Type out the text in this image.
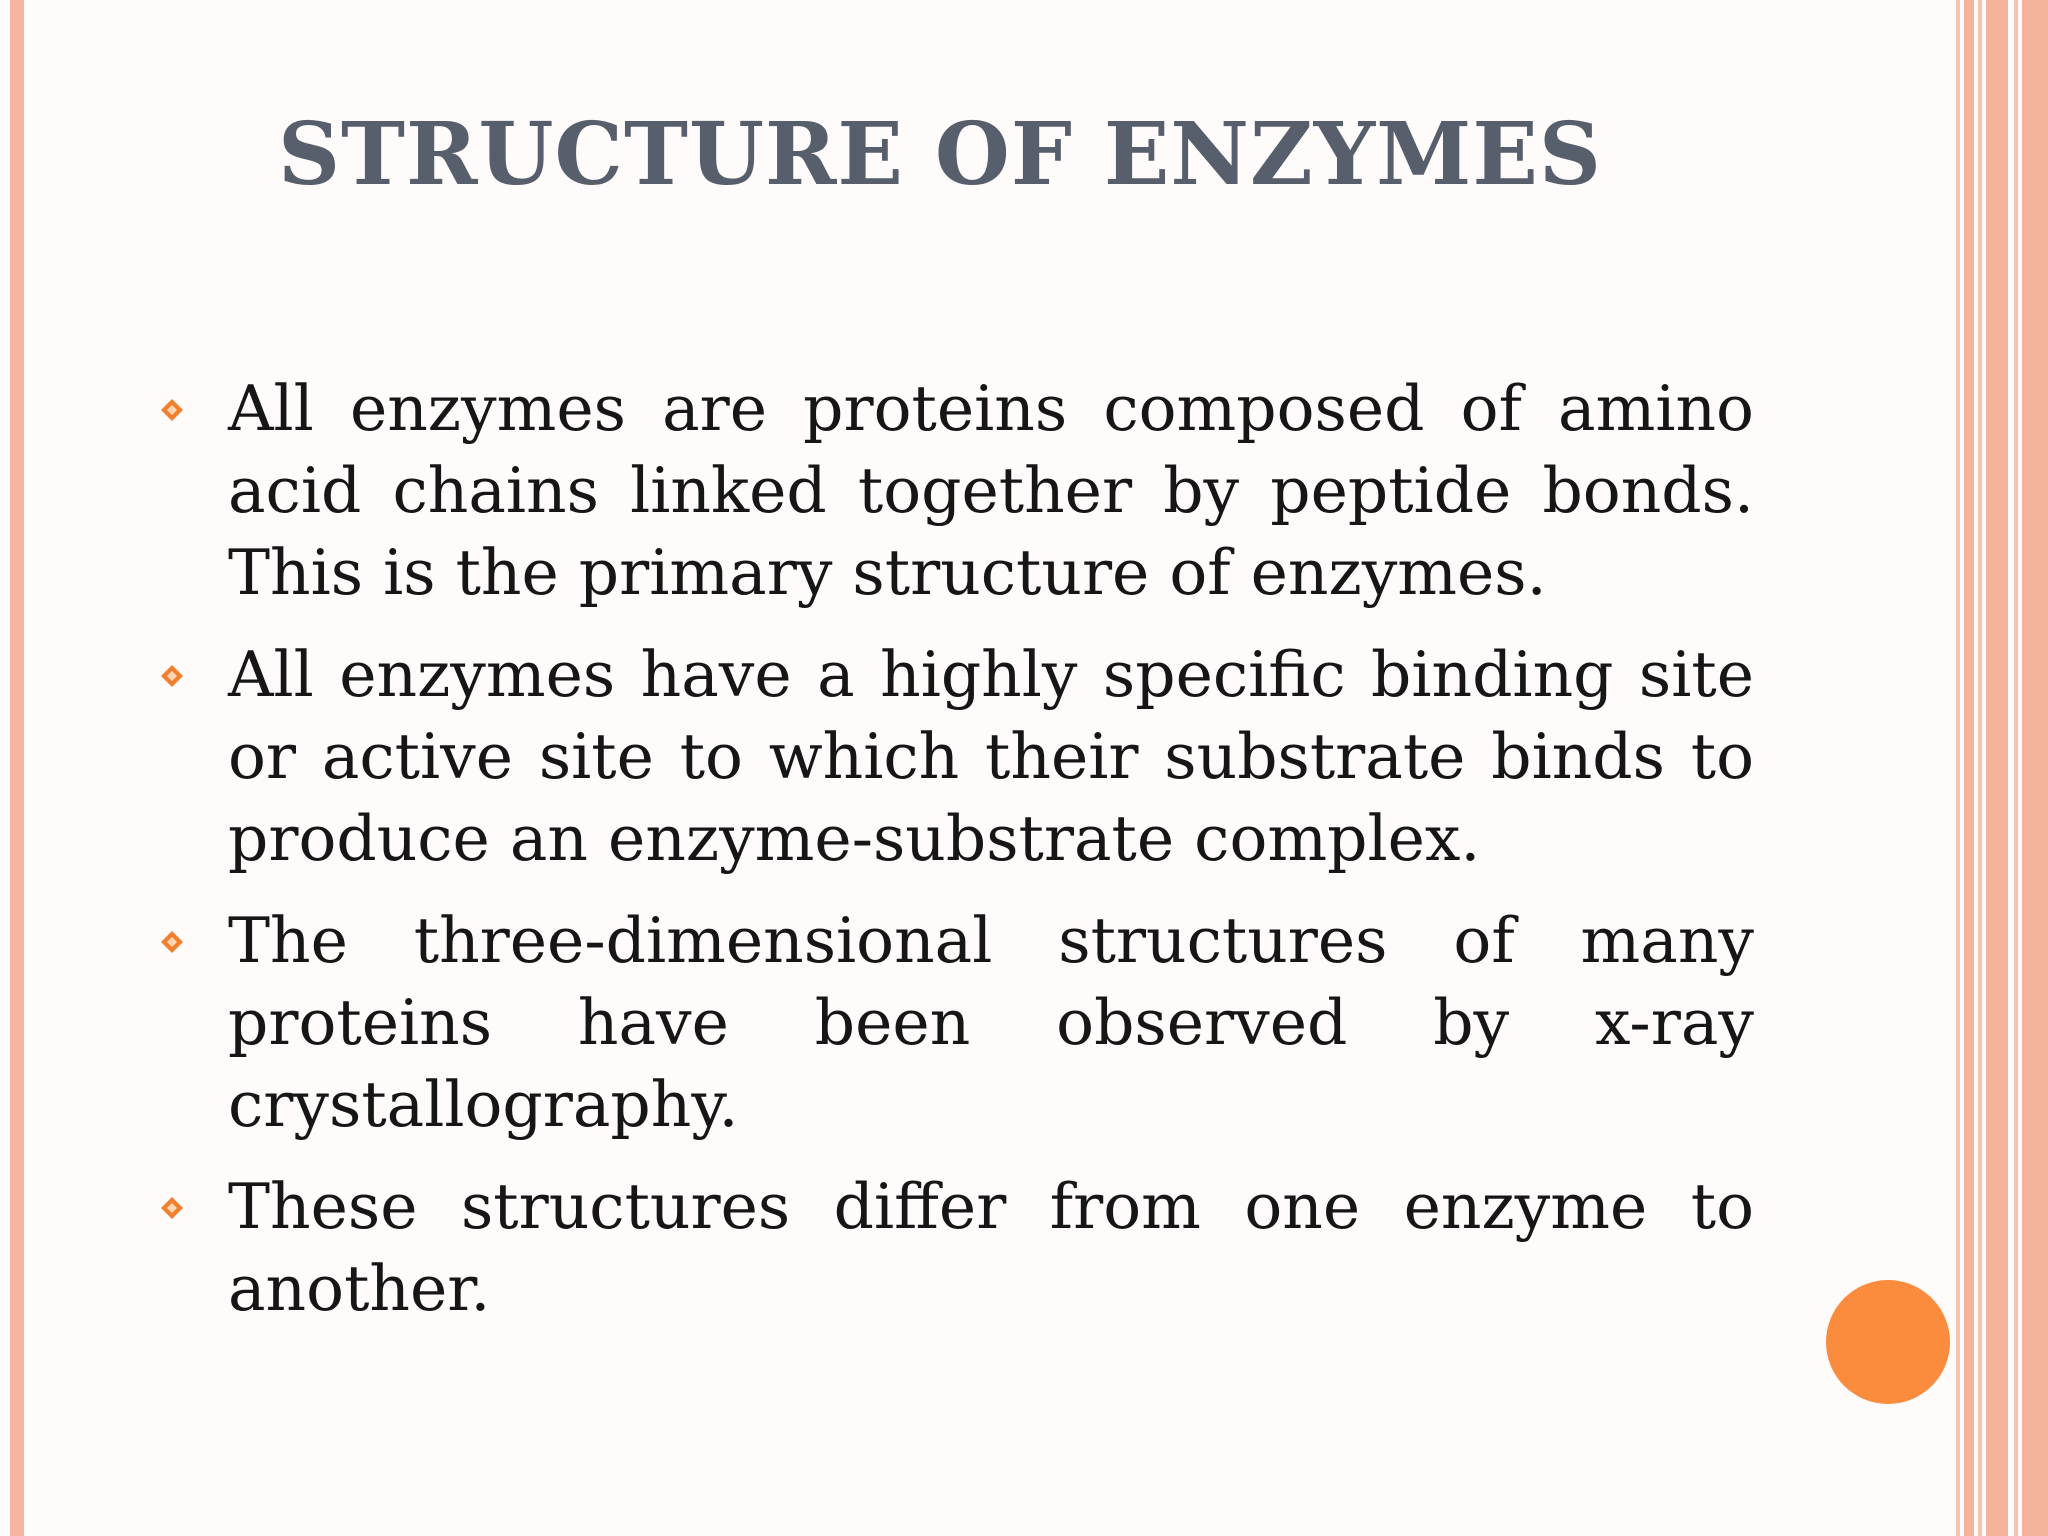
STRUCTURE OF ENZYMES
All enzymes are proteins composed of amino acid chains linked together by peptide bonds. This is the primary structure of enzymes.
All enzymes have a highly specific binding site or active site to which their substrate binds to produce an enzyme-substrate complex.
The three-dimensional structures of many proteins have been observed by x-ray crystallography.
These structures differ from one enzyme to another.
